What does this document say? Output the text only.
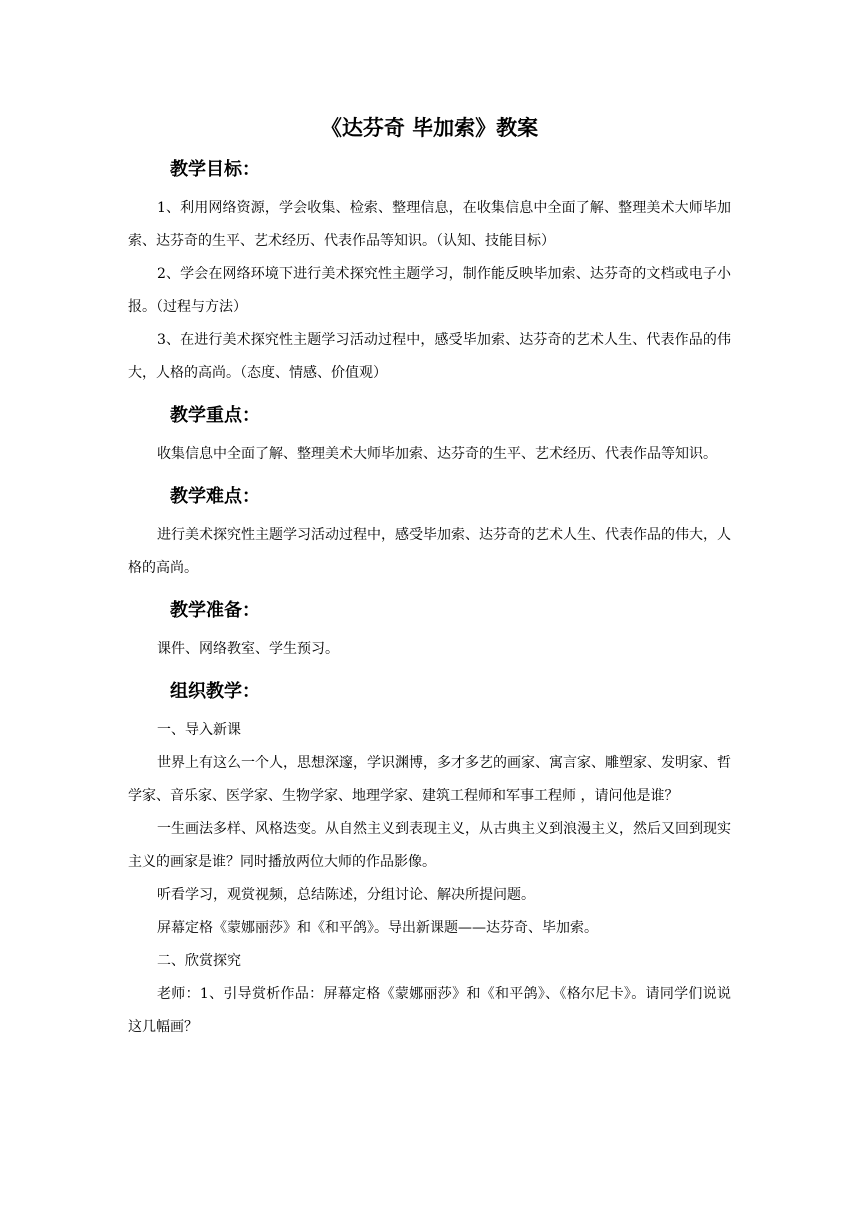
《达芬奇 毕加索》教案
教学目标：

1、利用网络资源，学会收集、检索、整理信息，在收集信息中全面了解、整理美术大师毕加索、达芬奇的生平、艺术经历、代表作品等知识。（认知、技能目标）

2、学会在网络环境下进行美术探究性主题学习，制作能反映毕加索、达芬奇的文档或电子小报。（过程与方法）

3、在进行美术探究性主题学习活动过程中，感受毕加索、达芬奇的艺术人生、代表作品的伟大，人格的高尚。（态度、情感、价值观）

教学重点：

收集信息中全面了解、整理美术大师毕加索、达芬奇的生平、艺术经历、代表作品等知识。

教学难点：

进行美术探究性主题学习活动过程中，感受毕加索、达芬奇的艺术人生、代表作品的伟大，人格的高尚。

教学准备：

课件、网络教室、学生预习。

组织教学：

一、导入新课

世界上有这么一个人，思想深邃，学识渊博，多才多艺的画家、寓言家、雕塑家、发明家、哲学家、音乐家、医学家、生物学家、地理学家、建筑工程师和军事工程师 ，请问他是谁？

一生画法多样、风格迭变。从自然主义到表现主义，从古典主义到浪漫主义，然后又回到现实主义的画家是谁？同时播放两位大师的作品影像。

听看学习，观赏视频，总结陈述，分组讨论、解决所提问题。

屏幕定格《蒙娜丽莎》和《和平鸽》。导出新课题——达芬奇、毕加索。

二、欣赏探究

老师：1、引导赏析作品：屏幕定格《蒙娜丽莎》和《和平鸽》、《格尔尼卡》。请同学们说说这几幅画？
